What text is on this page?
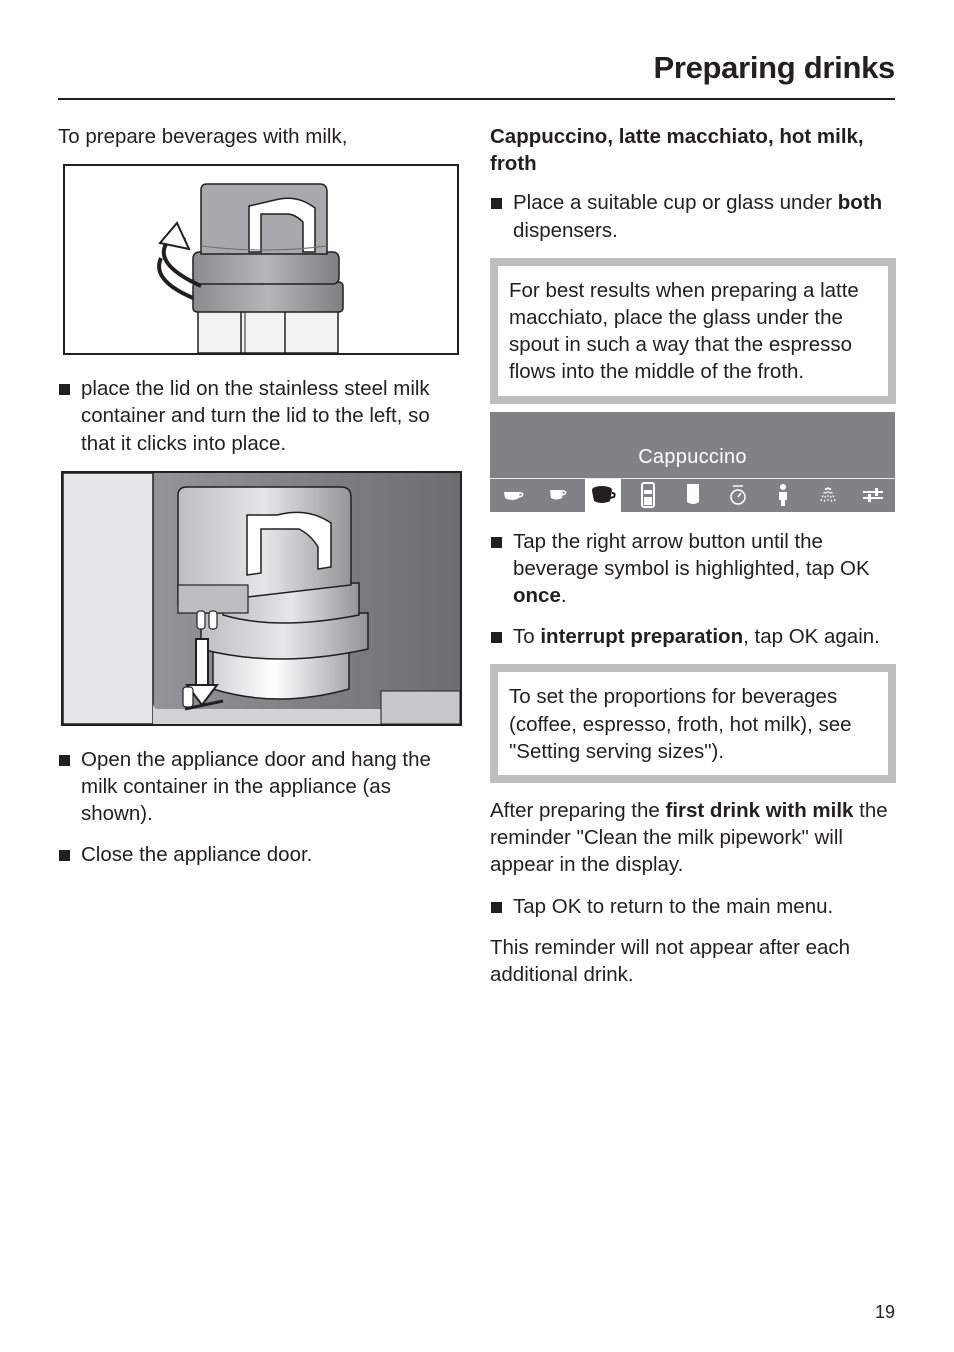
Preparing drinks

To prepare beverages with milk,

place the lid on the stainless steel milk container and turn the lid to the left, so that it clicks into place.
Open the appliance door and hang the milk container in the appliance (as shown).
Close the appliance door.

Cappuccino, latte macchiato, hot milk, froth

Place a suitable cup or glass under both dispensers.
For best results when preparing a latte macchiato, place the glass under the spout in such a way that the espresso flows into the middle of the froth.
Cappuccino
Tap the right arrow button until the beverage symbol is highlighted, tap OK once.
To interrupt preparation, tap OK again.
To set the proportions for beverages (coffee, espresso, froth, hot milk), see "Setting serving sizes").

After preparing the first drink with milk the reminder "Clean the milk pipework" will appear in the display.

Tap OK to return to the main menu.

This reminder will not appear after each additional drink.

19
